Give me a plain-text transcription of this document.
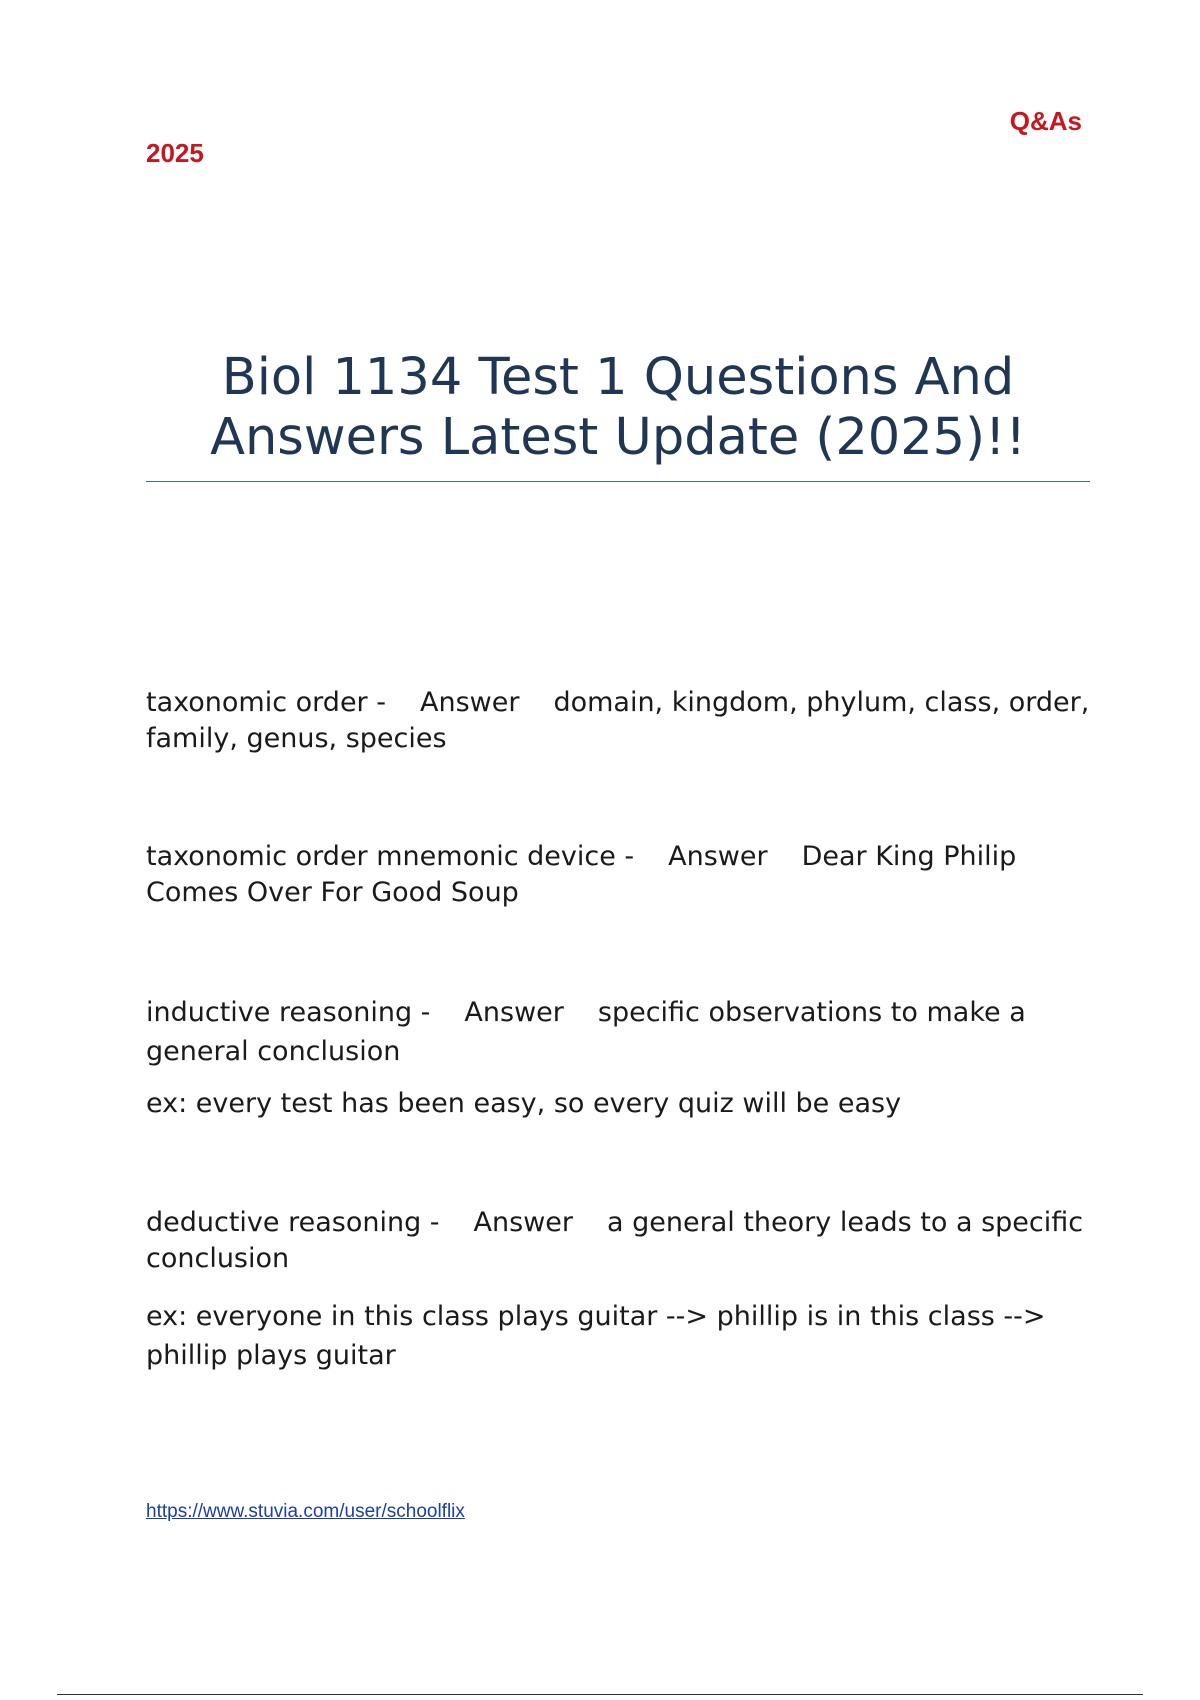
Q&As
2025
Biol 1134 Test 1 Questions And
Answers Latest Update (2025)!!

taxonomic order - Answer domain, kingdom, phylum, class, order, family, genus, species

taxonomic order mnemonic device - Answer Dear King Philip Comes Over For Good Soup

inductive reasoning - Answer specific observations to make a general conclusion

ex: every test has been easy, so every quiz will be easy

deductive reasoning - Answer a general theory leads to a specific conclusion

ex: everyone in this class plays guitar --> phillip is in this class --> phillip plays guitar

https://www.stuvia.com/user/schoolflix
